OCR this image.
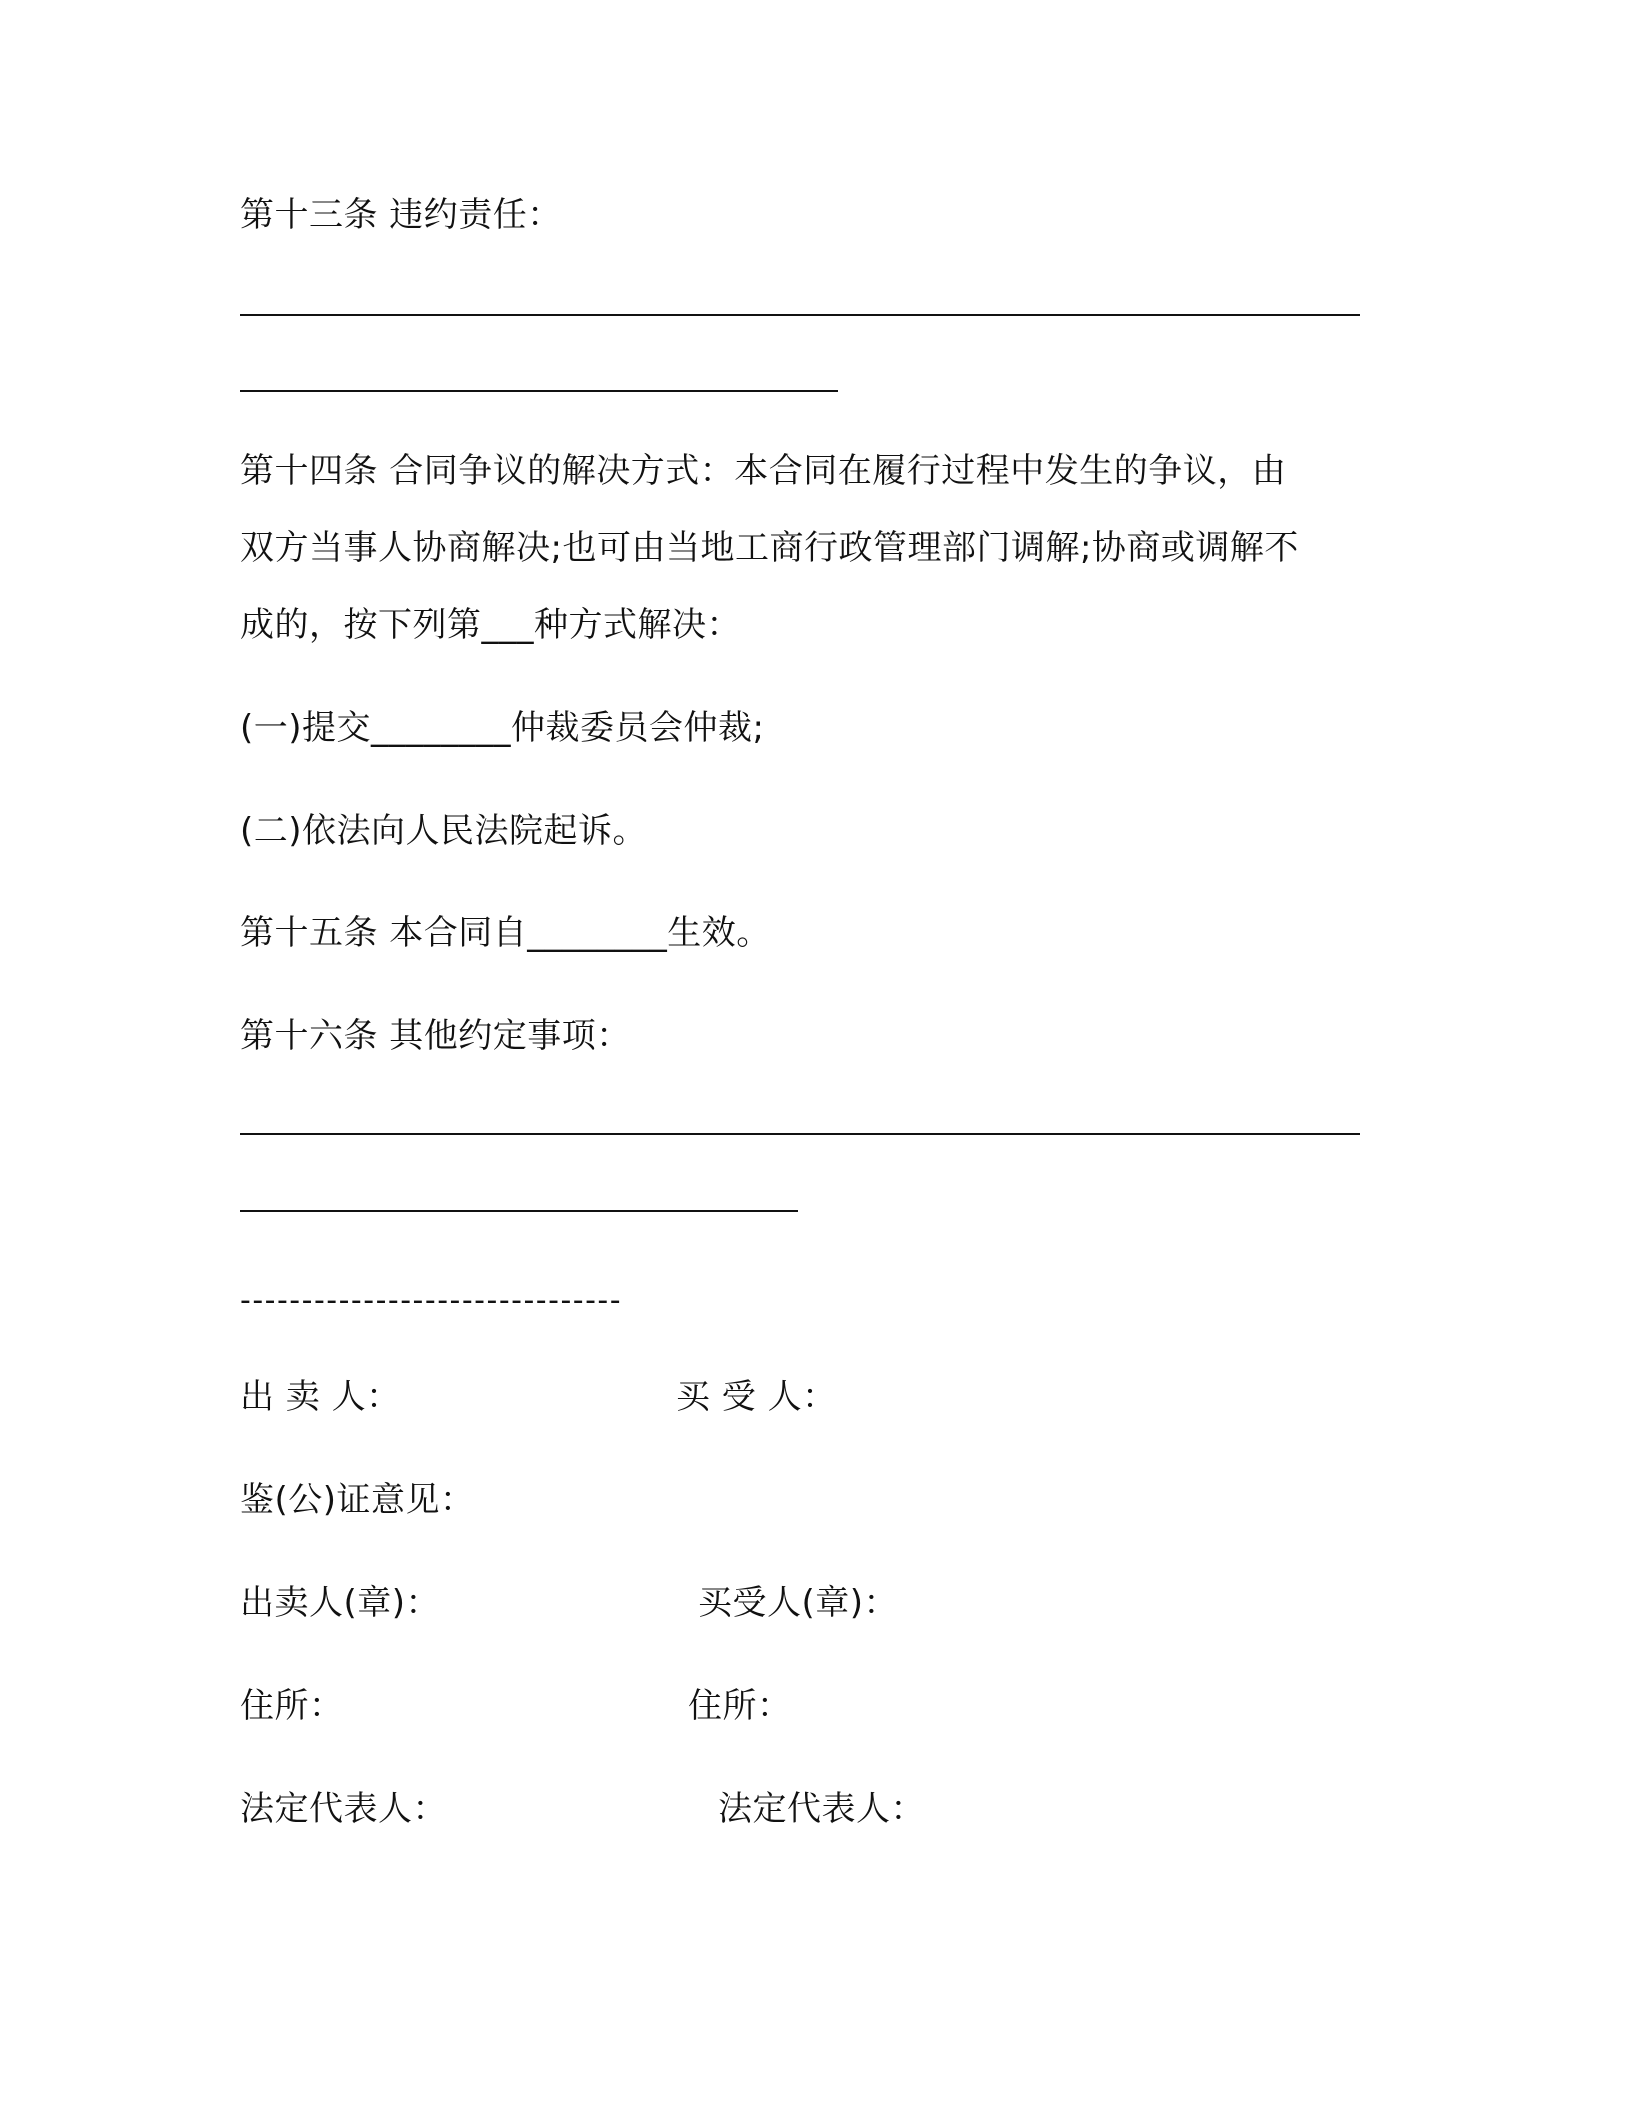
第十三条 违约责任：
第十四条 合同争议的解决方式：本合同在履行过程中发生的争议，由
双方当事人协商解决;也可由当地工商行政管理部门调解;协商或调解不
成的，按下列第___种方式解决：
(一)提交________仲裁委员会仲裁;
(二)依法向人民法院起诉。
第十五条 本合同自________生效。
第十六条 其他约定事项：
-------------------------------
出 卖 人：	买 受 人：
鉴(公)证意见：
出卖人(章)：	买受人(章)：
住所：	住所：
法定代表人：	法定代表人：
